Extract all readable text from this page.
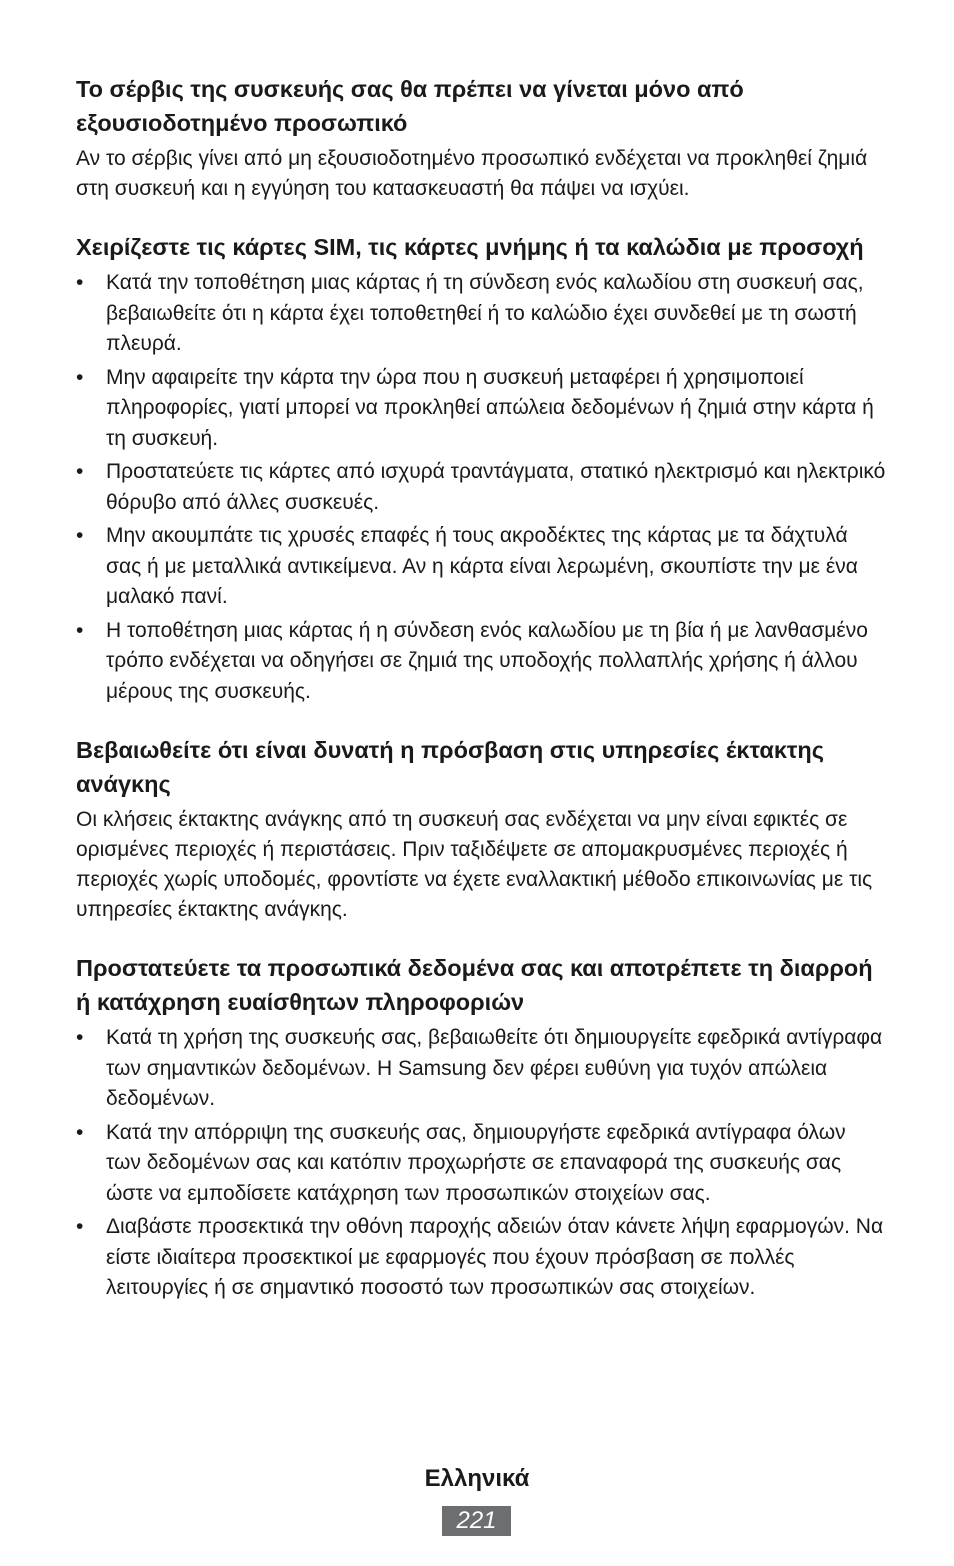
Το σέρβις της συσκευής σας θα πρέπει να γίνεται μόνο από εξουσιοδοτημένο προσωπικό

Αν το σέρβις γίνει από μη εξουσιοδοτημένο προσωπικό ενδέχεται να προκληθεί ζημιά στη συσκευή και η εγγύηση του κατασκευαστή θα πάψει να ισχύει.

Χειρίζεστε τις κάρτες SIM, τις κάρτες μνήμης ή τα καλώδια με προσοχή
•	Κατά την τοποθέτηση μιας κάρτας ή τη σύνδεση ενός καλωδίου στη συσκευή σας, βεβαιωθείτε ότι η κάρτα έχει τοποθετηθεί ή το καλώδιο έχει συνδεθεί με τη σωστή πλευρά.
•	Μην αφαιρείτε την κάρτα την ώρα που η συσκευή μεταφέρει ή χρησιμοποιεί πληροφορίες, γιατί μπορεί να προκληθεί απώλεια δεδομένων ή ζημιά στην κάρτα ή τη συσκευή.
•	Προστατεύετε τις κάρτες από ισχυρά τραντάγματα, στατικό ηλεκτρισμό και ηλεκτρικό θόρυβο από άλλες συσκευές.
•	Μην ακουμπάτε τις χρυσές επαφές ή τους ακροδέκτες της κάρτας με τα δάχτυλά σας ή με μεταλλικά αντικείμενα. Αν η κάρτα είναι λερωμένη, σκουπίστε την με ένα μαλακό πανί.
•	Η τοποθέτηση μιας κάρτας ή η σύνδεση ενός καλωδίου με τη βία ή με λανθασμένο τρόπο ενδέχεται να οδηγήσει σε ζημιά της υποδοχής πολλαπλής χρήσης ή άλλου μέρους της συσκευής.
Βεβαιωθείτε ότι είναι δυνατή η πρόσβαση στις υπηρεσίες έκτακτης ανάγκης

Οι κλήσεις έκτακτης ανάγκης από τη συσκευή σας ενδέχεται να μην είναι εφικτές σε ορισμένες περιοχές ή περιστάσεις. Πριν ταξιδέψετε σε απομακρυσμένες περιοχές ή περιοχές χωρίς υποδομές, φροντίστε να έχετε εναλλακτική μέθοδο επικοινωνίας με τις υπηρεσίες έκτακτης ανάγκης.

Προστατεύετε τα προσωπικά δεδομένα σας και αποτρέπετε τη διαρροή ή κατάχρηση ευαίσθητων πληροφοριών
•	Κατά τη χρήση της συσκευής σας, βεβαιωθείτε ότι δημιουργείτε εφεδρικά αντίγραφα των σημαντικών δεδομένων. Η Samsung δεν φέρει ευθύνη για τυχόν απώλεια δεδομένων.
•	Κατά την απόρριψη της συσκευής σας, δημιουργήστε εφεδρικά αντίγραφα όλων των δεδομένων σας και κατόπιν προχωρήστε σε επαναφορά της συσκευής σας ώστε να εμποδίσετε κατάχρηση των προσωπικών στοιχείων σας.
•	Διαβάστε προσεκτικά την οθόνη παροχής αδειών όταν κάνετε λήψη εφαρμογών. Να είστε ιδιαίτερα προσεκτικοί με εφαρμογές που έχουν πρόσβαση σε πολλές λειτουργίες ή σε σημαντικό ποσοστό των προσωπικών σας στοιχείων.
Ελληνικά
221
